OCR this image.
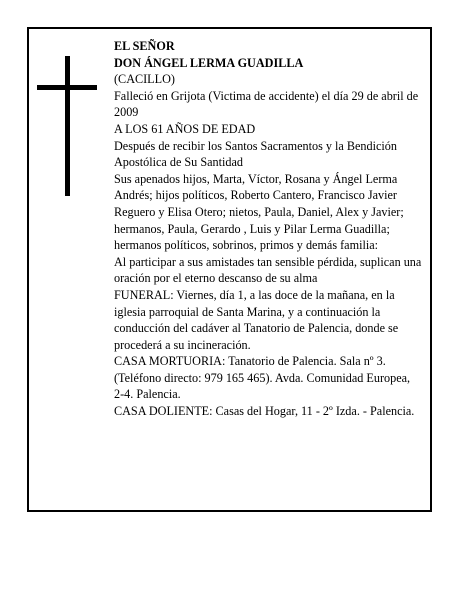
EL SEÑOR

DON ÁNGEL LERMA GUADILLA

(CACILLO)

Falleció en Grijota (Victima de accidente) el día 29 de abril de 2009

A LOS 61 AÑOS DE EDAD

Después de recibir los Santos Sacramentos y la Bendición Apostólica de Su Santidad

Sus apenados hijos, Marta, Víctor, Rosana y Ángel Lerma Andrés; hijos políticos, Roberto Cantero, Francisco Javier Reguero y Elisa Otero; nietos, Paula, Daniel, Alex y Javier; hermanos, Paula, Gerardo , Luis y Pilar Lerma Guadilla; hermanos políticos, sobrinos, primos y demás familia:

Al participar a sus amistades tan sensible pérdida, suplican una oración por el eterno descanso de su alma

FUNERAL: Viernes, día 1, a las doce de la mañana, en la iglesia parroquial de Santa Marina, y a continuación la conducción del cadáver al Tanatorio de Palencia, donde se procederá a su incineración.

CASA MORTUORIA: Tanatorio de Palencia. Sala nº 3. (Teléfono directo: 979 165 465). Avda. Comunidad Europea, 2-4. Palencia.

CASA DOLIENTE: Casas del Hogar, 11 - 2º Izda. - Palencia.
